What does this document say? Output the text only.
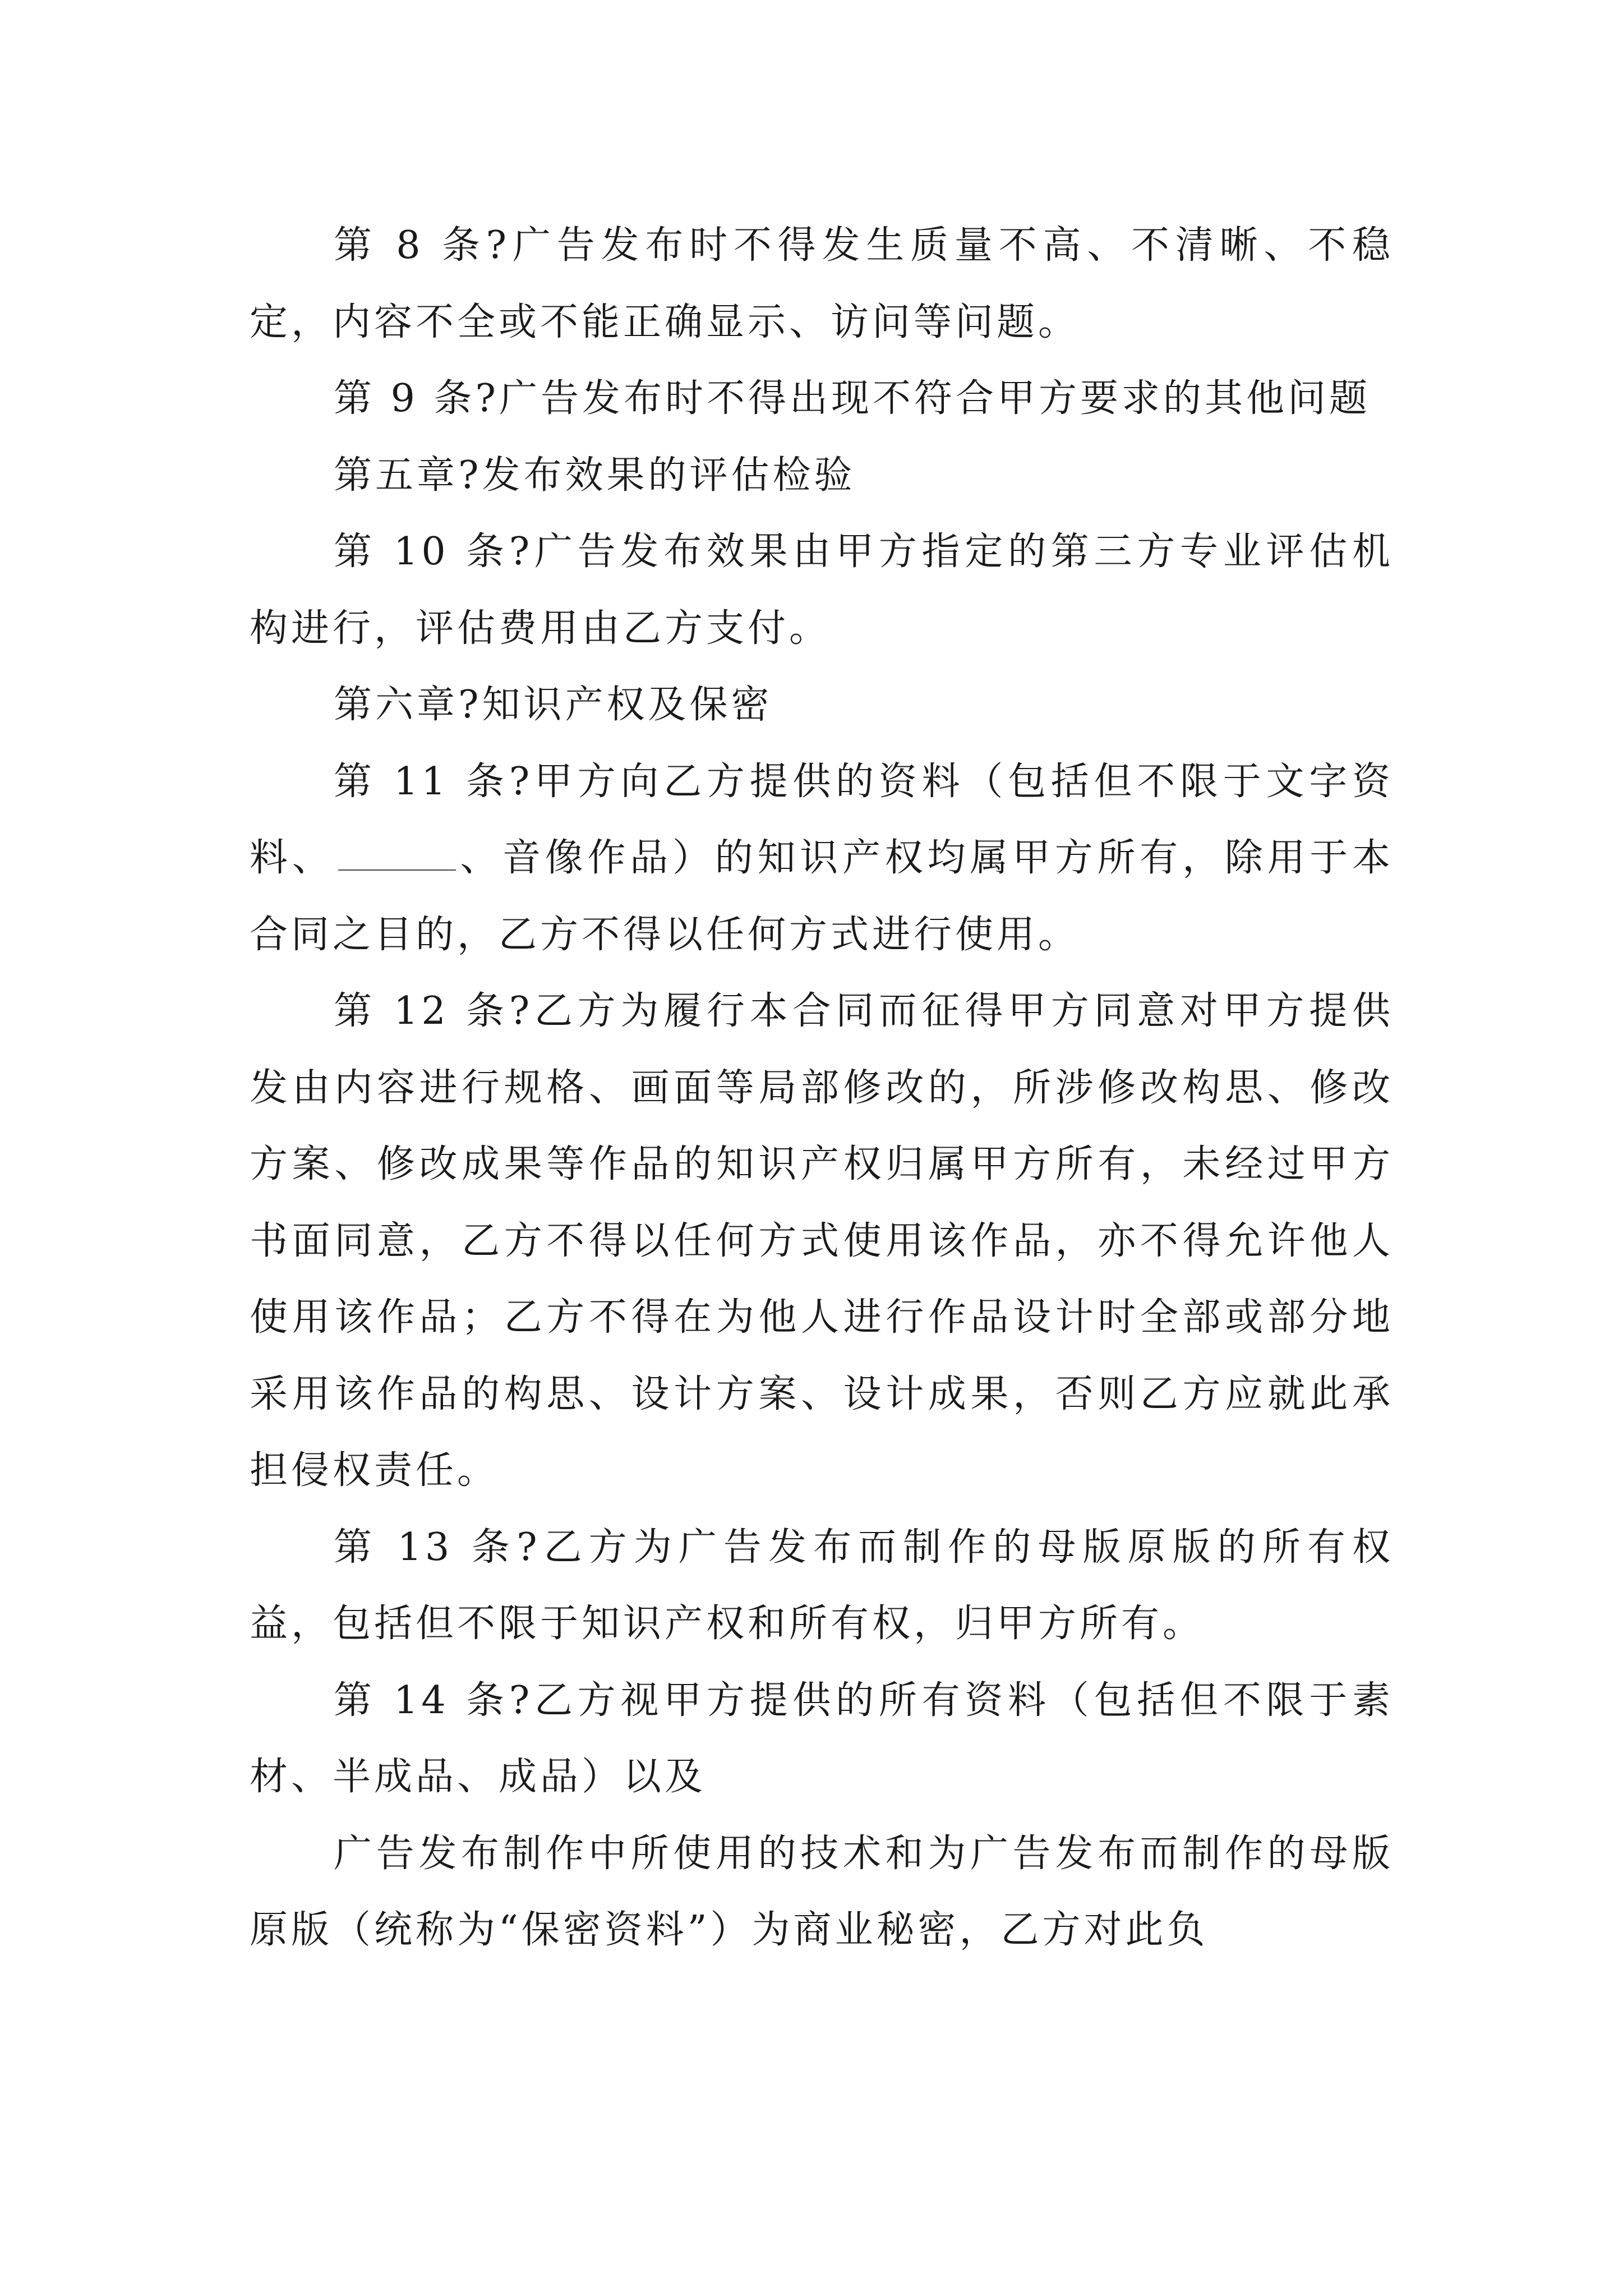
第 8 条?广告发布时不得发生质量不高、不清晰、不稳定，内容不全或不能正确显示、访问等问题。

第 9 条?广告发布时不得出现不符合甲方要求的其他问题

第五章?发布效果的评估检验

第 10 条?广告发布效果由甲方指定的第三方专业评估机构进行，评估费用由乙方支付。

第六章?知识产权及保密

第 11 条?甲方向乙方提供的资料（包括但不限于文字资料、	、音像作品）的知识产权均属甲方所有，除用于本合同之目的，乙方不得以任何方式进行使用。

第 12 条?乙方为履行本合同而征得甲方同意对甲方提供发由内容进行规格、画面等局部修改的，所涉修改构思、修改方案、修改成果等作品的知识产权归属甲方所有，未经过甲方书面同意，乙方不得以任何方式使用该作品，亦不得允许他人使用该作品；乙方不得在为他人进行作品设计时全部或部分地采用该作品的构思、设计方案、设计成果，否则乙方应就此承担侵权责任。

第 13 条?乙方为广告发布而制作的母版原版的所有权益，包括但不限于知识产权和所有权，归甲方所有。

第 14 条?乙方视甲方提供的所有资料（包括但不限于素材、半成品、成品）以及

广告发布制作中所使用的技术和为广告发布而制作的母版原版（统称为“保密资料”）为商业秘密，乙方对此负
